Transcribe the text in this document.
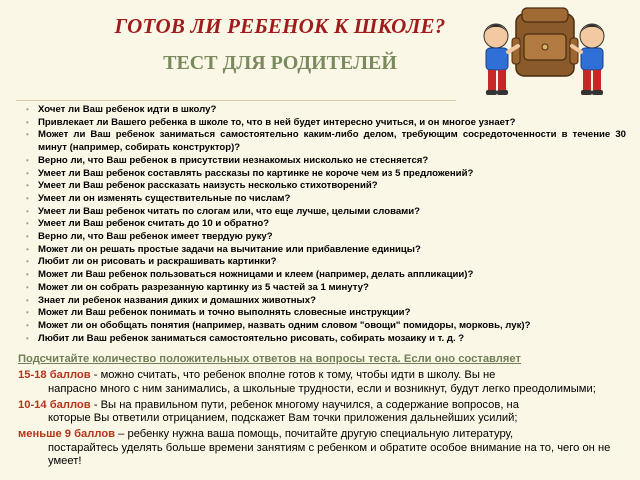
ГОТОВ ЛИ РЕБЕНОК К ШКОЛЕ?
ТЕСТ ДЛЯ РОДИТЕЛЕЙ
• Хочет ли Ваш ребенок идти в школу?
• Привлекает ли Вашего ребенка в школе то, что в ней будет интересно учиться, и он многое узнает?
• Может ли Ваш ребенок заниматься самостоятельно каким-либо делом, требующим сосредоточенности в течение 30 минут (например, собирать конструктор)?
• Верно ли, что Ваш ребенок в присутствии незнакомых нисколько не стесняется?
• Умеет ли Ваш ребенок составлять рассказы по картинке не короче чем из 5 предложений?
• Умеет ли Ваш ребенок рассказать наизусть несколько стихотворений?
• Умеет ли он изменять существительные по числам?
• Умеет ли Ваш ребенок читать по слогам или, что еще лучше, целыми словами?
• Умеет ли Ваш ребенок считать до 10 и обратно?
• Верно ли, что Ваш ребенок имеет твердую руку?
• Может ли он решать простые задачи на вычитание или прибавление единицы?
• Любит ли он рисовать и раскрашивать картинки?
• Может ли Ваш ребенок пользоваться ножницами и клеем (например, делать аппликации)?
• Может ли он собрать разрезанную картинку из 5 частей за 1 минуту?
• Знает ли ребенок названия диких и домашних животных?
• Может ли Ваш ребенок понимать и точно выполнять словесные инструкции?
• Может ли он обобщать понятия (например, назвать одним словом "овощи" помидоры, морковь, лук)?
• Любит ли Ваш ребенок заниматься самостоятельно рисовать, собирать мозаику и т. д. ?
Подсчитайте количество положительных ответов на вопросы теста. Если оно составляет
15-18 баллов - можно считать, что ребенок вполне готов к тому, чтобы идти в школу. Вы не
напрасно много с ним занимались, а школьные трудности, если и возникнут, будут легко преодолимыми;
10-14 баллов - Вы на правильном пути, ребенок многому научился, а содержание вопросов, на
которые Вы ответили отрицанием, подскажет Вам точки приложения дальнейших усилий;
меньше 9 баллов – ребенку нужна ваша помощь, почитайте другую специальную литературу,
постарайтесь уделять больше времени занятиям с ребенком и обратите особое внимание на то, чего он не умеет!
